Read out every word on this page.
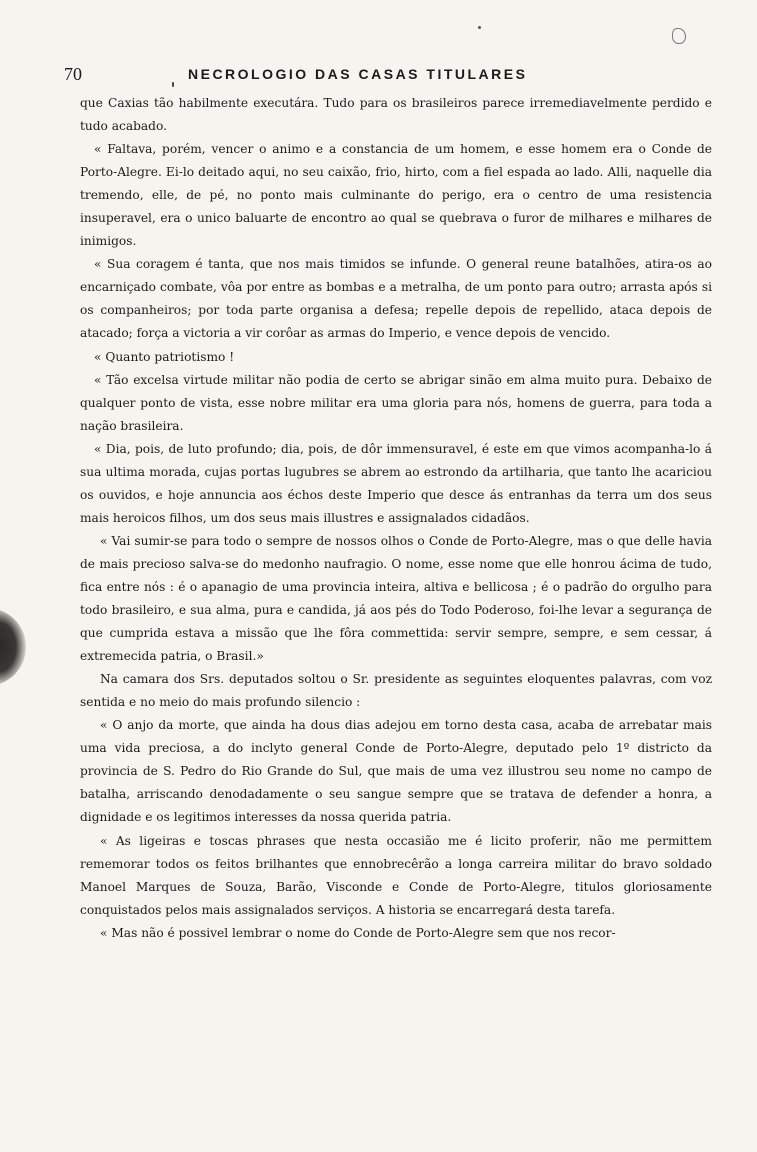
70	NECROLOGIO DAS CASAS TITULARES

que Caxias tão habilmente executára. Tudo para os brasileiros parece irremediavelmente perdido e tudo acabado.

« Faltava, porém, vencer o animo e a constancia de um homem, e esse homem era o Conde de Porto-Alegre. Ei-lo deitado aqui, no seu caixão, frio, hirto, com a fiel espada ao lado. Alli, naquelle dia tremendo, elle, de pé, no ponto mais culminante do perigo, era o centro de uma resistencia insuperavel, era o unico baluarte de encontro ao qual se quebrava o furor de milhares e milhares de inimigos.

« Sua coragem é tanta, que nos mais timidos se infunde. O general reune batalhões, atira-os ao encarniçado combate, vôa por entre as bombas e a metralha, de um ponto para outro; arrasta após si os companheiros; por toda parte organisa a defesa; repelle depois de repellido, ataca depois de atacado; força a victoria a vir corôar as armas do Imperio, e vence depois de vencido.

« Quanto patriotismo !

« Tão excelsa virtude militar não podia de certo se abrigar sinão em alma muito pura. Debaixo de qualquer ponto de vista, esse nobre militar era uma gloria para nós, homens de guerra, para toda a nação brasileira.

« Dia, pois, de luto profundo; dia, pois, de dôr immensuravel, é este em que vimos acompanha-lo á sua ultima morada, cujas portas lugubres se abrem ao estrondo da artilharia, que tanto lhe acariciou os ouvidos, e hoje annuncia aos échos deste Imperio que desce ás entranhas da terra um dos seus mais heroicos filhos, um dos seus mais illustres e assignalados cidadãos.

« Vai sumir-se para todo o sempre de nossos olhos o Conde de Porto-Alegre, mas o que delle havia de mais precioso salva-se do medonho naufragio. O nome, esse nome que elle honrou ácima de tudo, fica entre nós : é o apanagio de uma provincia inteira, altiva e bellicosa ; é o padrão do orgulho para todo brasileiro, e sua alma, pura e candida, já aos pés do Todo Poderoso, foi-lhe levar a segurança de que cumprida estava a missão que lhe fôra commettida: servir sempre, sempre, e sem cessar, á extremecida patria, o Brasil.»

Na camara dos Srs. deputados soltou o Sr. presidente as seguintes eloquentes palavras, com voz sentida e no meio do mais profundo silencio :

« O anjo da morte, que ainda ha dous dias adejou em torno desta casa, acaba de arrebatar mais uma vida preciosa, a do inclyto general Conde de Porto-Alegre, deputado pelo 1º districto da provincia de S. Pedro do Rio Grande do Sul, que mais de uma vez illustrou seu nome no campo de batalha, arriscando denodadamente o seu sangue sempre que se tratava de defender a honra, a dignidade e os legitimos interesses da nossa querida patria.

« As ligeiras e toscas phrases que nesta occasião me é licito proferir, não me permittem rememorar todos os feitos brilhantes que ennobrecêrão a longa carreira militar do bravo soldado Manoel Marques de Souza, Barão, Visconde e Conde de Porto-Alegre, titulos gloriosamente conquistados pelos mais assignalados serviços. A historia se encarregará desta tarefa.

« Mas não é possivel lembrar o nome do Conde de Porto-Alegre sem que nos recor-
